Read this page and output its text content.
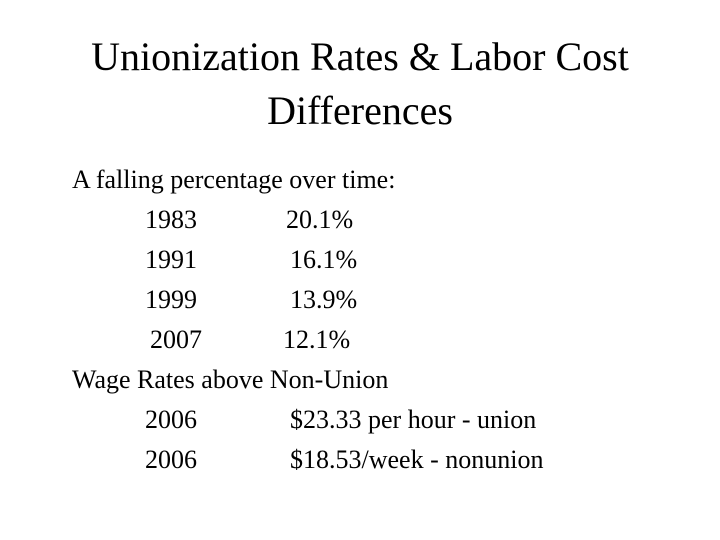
Unionization Rates & Labor Cost
Differences
A falling percentage over time:
1983	20.1%
1991	16.1%
1999	13.9%
2007	12.1%
Wage Rates above Non-Union
2006	$23.33 per hour - union
2006	$18.53/week - nonunion
